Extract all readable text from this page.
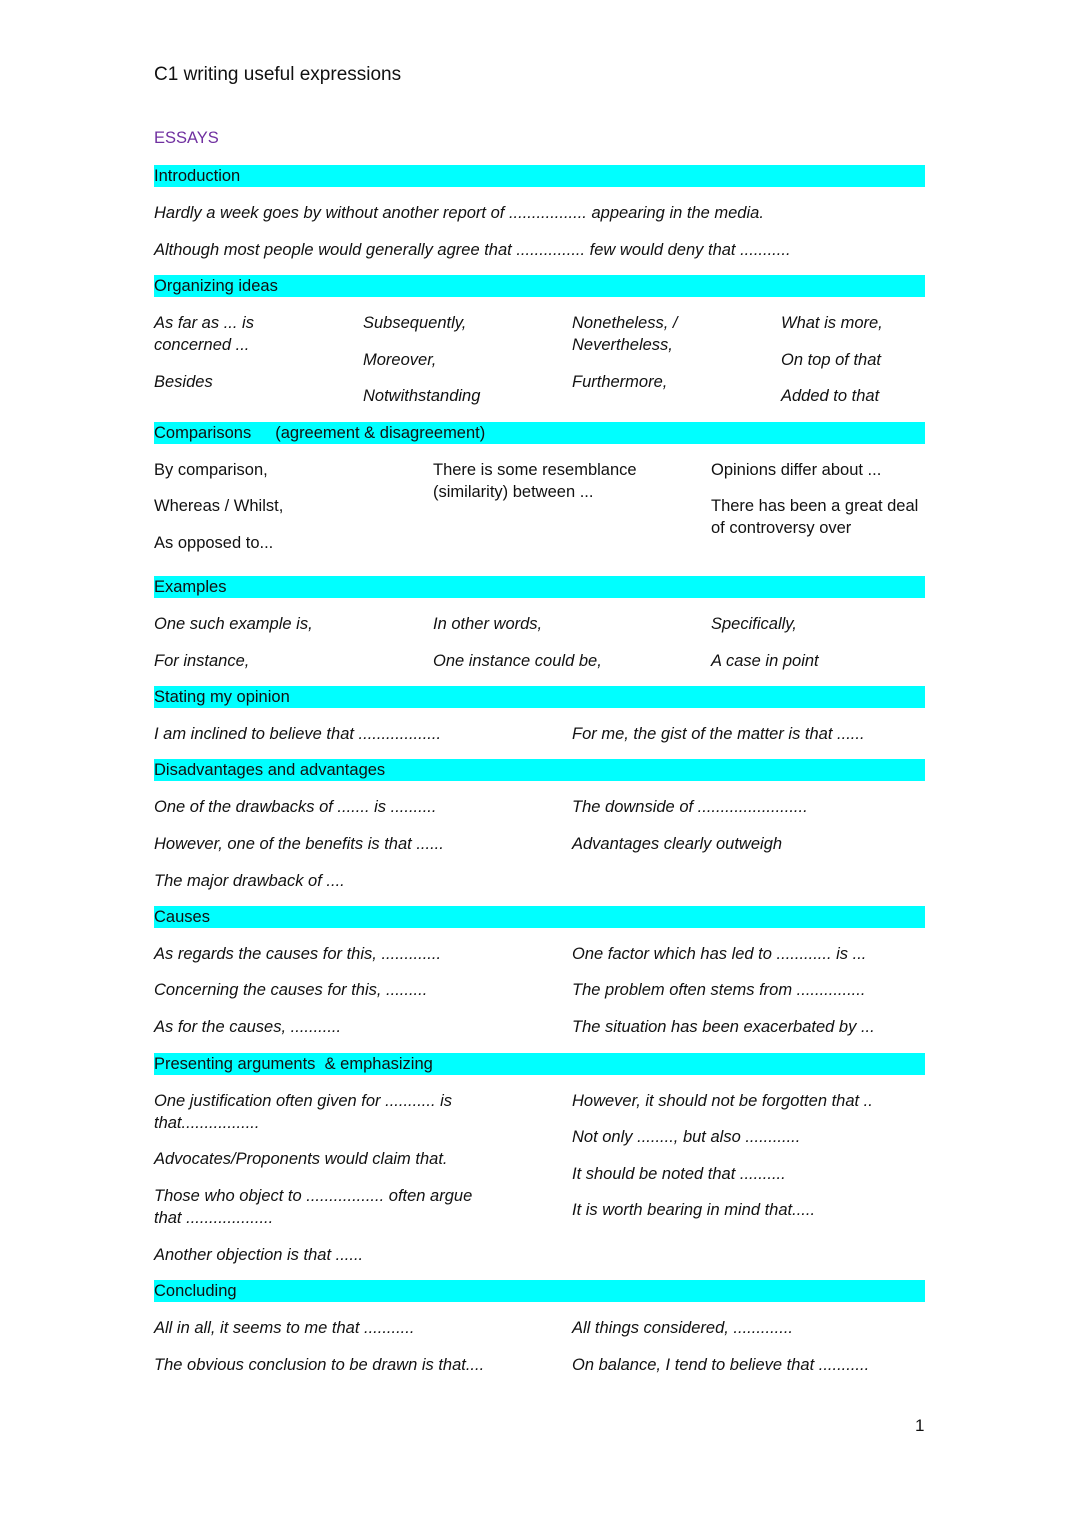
C1 writing useful expressions
ESSAYS
Introduction
Hardly a week goes by without another report of ................. appearing in the media.
Although most people would generally agree that ............... few would deny that ...........
Organizing ideas
As far as ... is concerned ...
Besides
Subsequently,
Moreover,
Notwithstanding
Nonetheless, / Nevertheless,
Furthermore,
What is more,
On top of that
Added to that
Comparisons (agreement & disagreement)
By comparison,
Whereas / Whilst,
As opposed to...
There is some resemblance (similarity) between ...
Opinions differ about ...
There has been a great deal of controversy over
Examples
One such example is,
For instance,
In other words,
One instance could be,
Specifically,
A case in point
Stating my opinion
I am inclined to believe that ..................	For me, the gist of the matter is that ......
Disadvantages and advantages
One of the drawbacks of ....... is ..........
However, one of the benefits is that ......
The major drawback of ....
The downside of ........................
Advantages clearly outweigh
Causes
As regards the causes for this, .............
Concerning the causes for this, .........
As for the causes, ...........
One factor which has led to ............ is ...
The problem often stems from ...............
The situation has been exacerbated by ...
Presenting arguments  & emphasizing
One justification often given for ........... is that.................
Advocates/Proponents would claim that.
Those who object to ................. often argue that ...................
Another objection is that ......
However, it should not be forgotten that ..
Not only ........, but also ............
It should be noted that ..........
It is worth bearing in mind that.....
Concluding
All in all, it seems to me that ...........
The obvious conclusion to be drawn is that....
All things considered, .............
On balance, I tend to believe that ...........
1
